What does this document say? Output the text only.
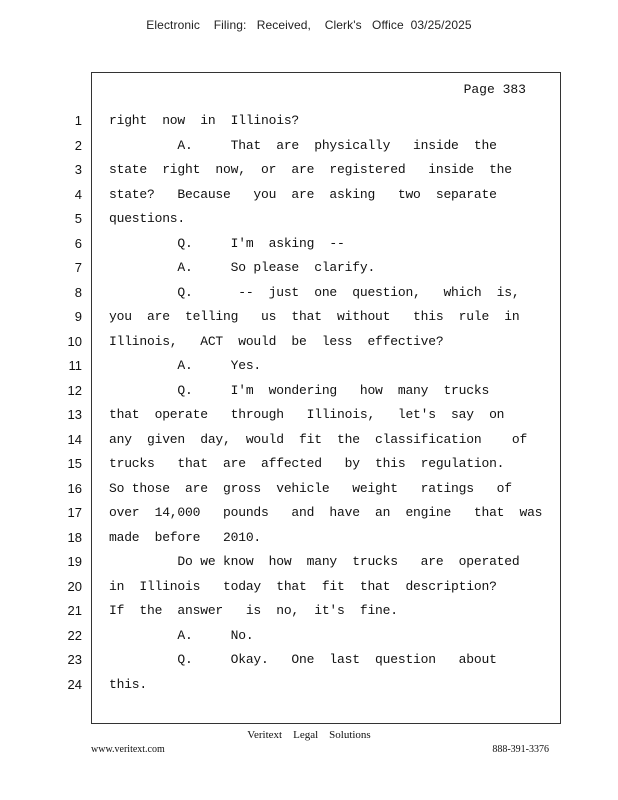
Electronic    Filing:   Received,    Clerk's   Office  03/25/2025
Page 383
1
2
3
4
5
6
7
8
9
10
11
12
13
14
15
16
17
18
19
20
21
22
23
24
right  now  in  Illinois?
A.     That  are  physically   inside  the
state  right  now,  or  are  registered   inside  the
state?   Because   you  are  asking   two  separate
questions.
Q.     I'm  asking  --
A.     So please  clarify.
Q.      --  just  one  question,   which  is,
you  are  telling   us  that  without   this  rule  in
Illinois,   ACT  would  be  less  effective?
A.     Yes.
Q.     I'm  wondering   how  many  trucks
that  operate   through   Illinois,   let's  say  on
any  given  day,  would  fit  the  classification    of
trucks   that  are  affected   by  this  regulation.
So those  are  gross  vehicle   weight   ratings   of
over  14,000   pounds   and  have  an  engine   that  was
made  before   2010.
Do we know  how  many  trucks   are  operated
in  Illinois   today  that  fit  that  description?
If  the  answer   is  no,  it's  fine.
A.     No.
Q.     Okay.   One  last  question   about
this.
Veritext    Legal    Solutions
www.veritext.com	888-391-3376
